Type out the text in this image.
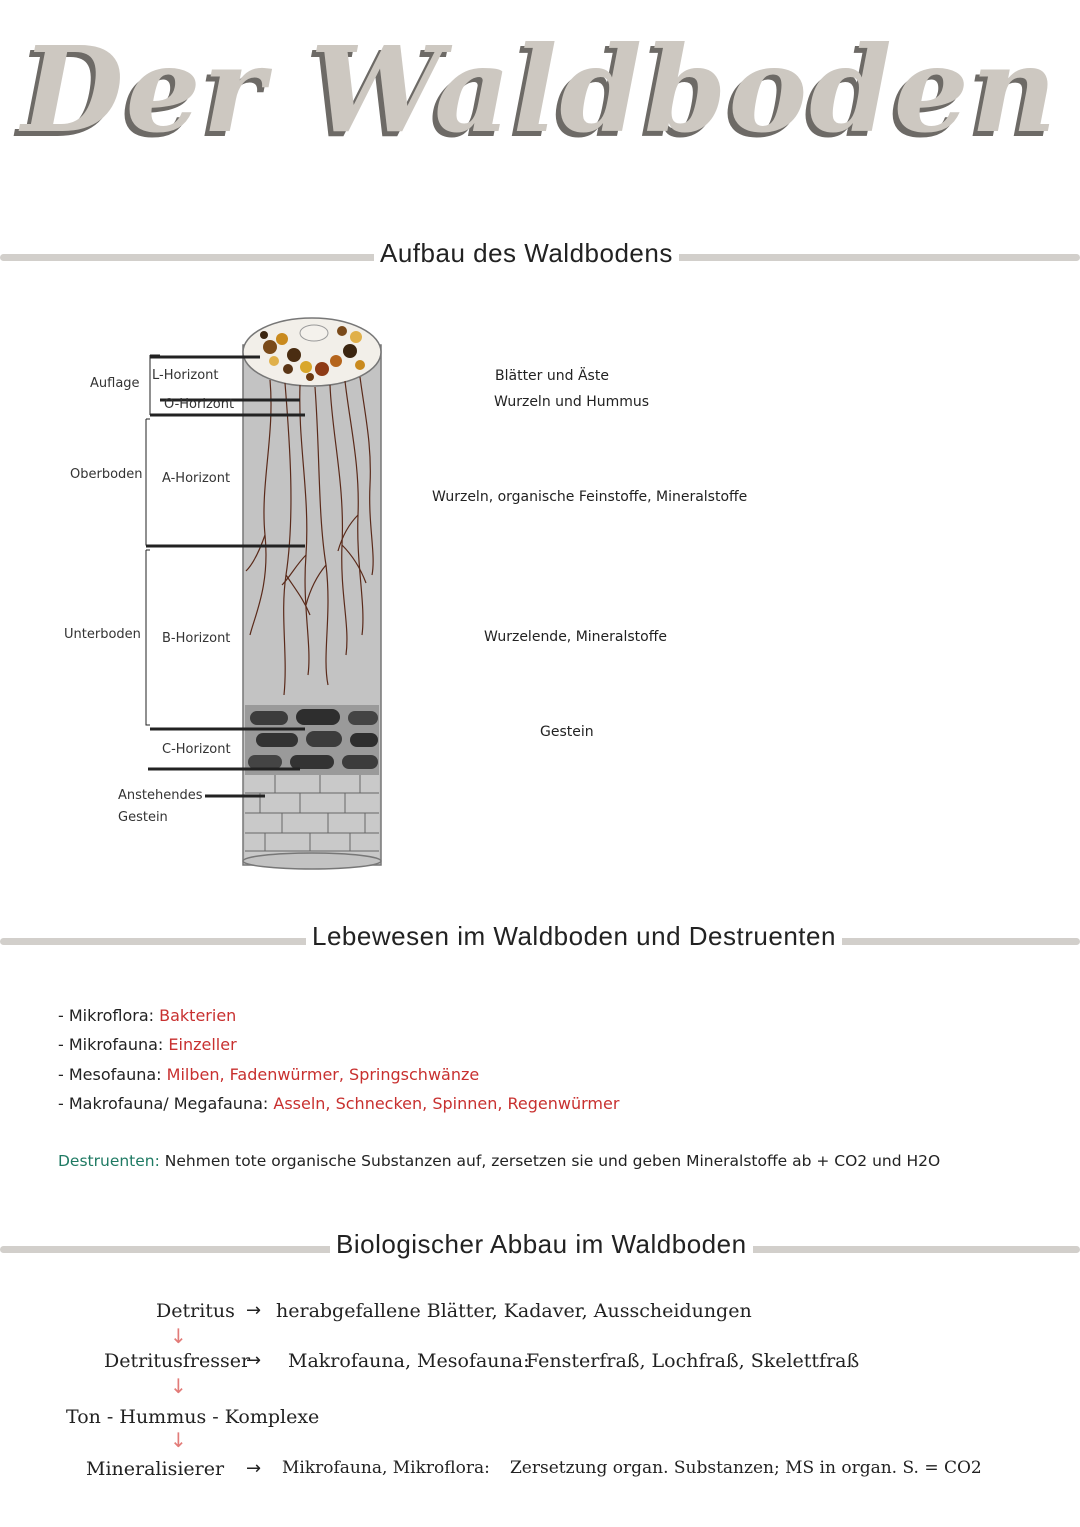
Der Waldboden
Aufbau des Waldbodens
Auflage
Oberboden
Unterboden
L-Horizont
O-Horizont
A-Horizont
B-Horizont
C-Horizont
Anstehendes
Gestein
Blätter und Äste
Wurzeln und Hummus
Wurzeln, organische Feinstoffe, Mineralstoffe
Wurzelende, Mineralstoffe
Gestein
Lebewesen im Waldboden und Destruenten
- Mikroflora: Bakterien
- Mikrofauna: Einzeller
- Mesofauna: Milben, Fadenwürmer, Springschwänze
- Makrofauna/ Megafauna: Asseln, Schnecken, Spinnen, Regenwürmer
Destruenten: Nehmen tote organische Substanzen auf, zersetzen sie und geben Mineralstoffe ab + CO2 und H2O
Biologischer Abbau im Waldboden
Detritus → herabgefallene Blätter, Kadaver, Ausscheidungen
↓
Detritusfresser
→ Makrofauna, Mesofauna:
Fensterfraß, Lochfraß, Skelettfraß
↓
Ton - Hummus - Komplexe
↓
Mineralisierer → Mikrofauna, Mikroflora: Zersetzung organ. Substanzen; MS in organ. S. = CO2
